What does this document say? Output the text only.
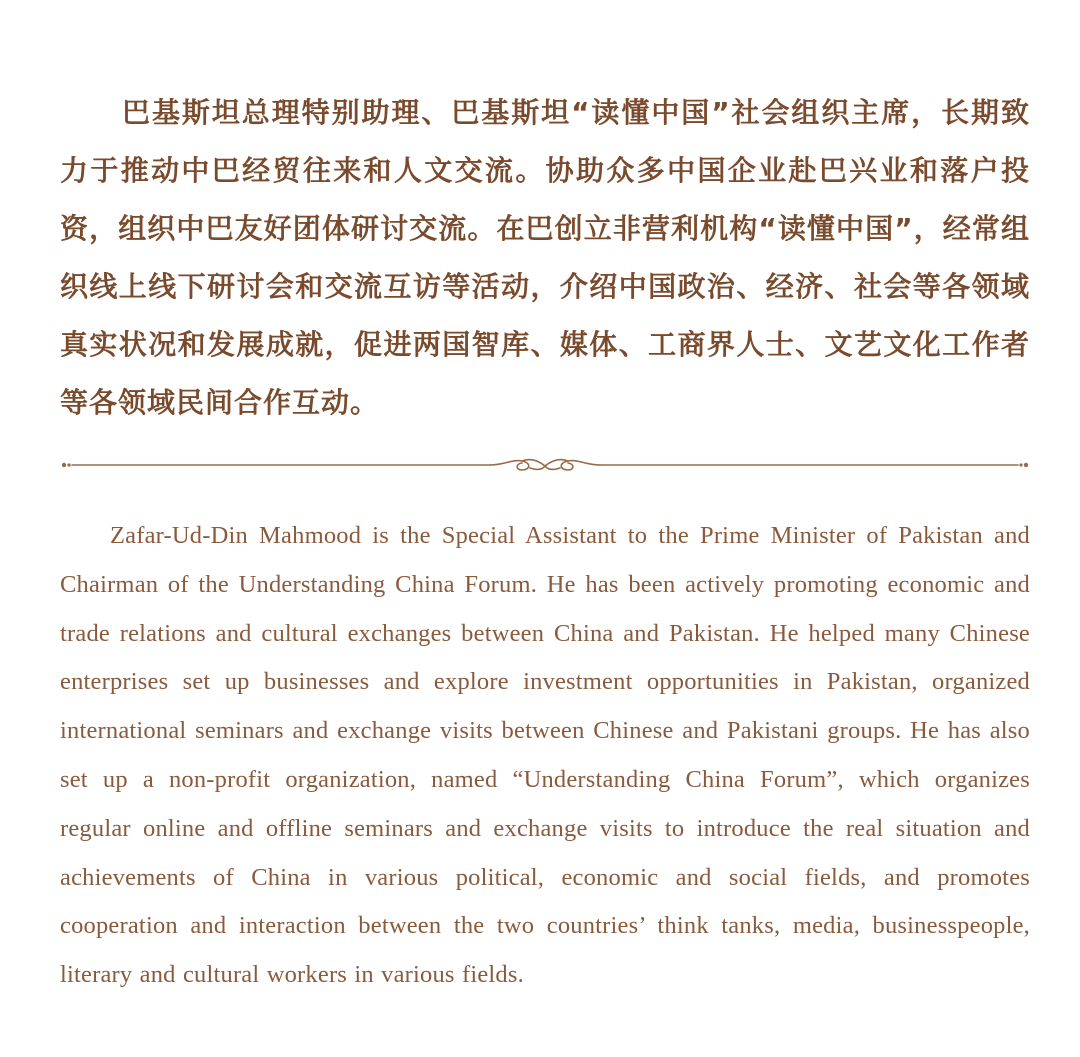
巴基斯坦总理特别助理、巴基斯坦“读懂中国”社会组织主席，长期致力于推动中巴经贸往来和人文交流。协助众多中国企业赴巴兴业和落户投资，组织中巴友好团体研讨交流。在巴创立非营利机构“读懂中国”，经常组织线上线下研讨会和交流互访等活动，介绍中国政治、经济、社会等各领域真实状况和发展成就，促进两国智库、媒体、工商界人士、文艺文化工作者等各领域民间合作互动。

Zafar-Ud-Din Mahmood is the Special Assistant to the Prime Minister of Pakistan and Chairman of the Understanding China Forum. He has been actively promoting economic and trade relations and cultural exchanges between China and Pakistan. He helped many Chinese enterprises set up businesses and explore investment opportunities in Pakistan, organized international seminars and exchange visits between Chinese and Pakistani groups. He has also set up a non-profit organization, named “Understanding China Forum”, which organizes regular online and offline seminars and exchange visits to introduce the real situation and achievements of China in various political, economic and social fields, and promotes cooperation and interaction between the two countries’ think tanks, media, businesspeople, literary and cultural workers in various fields.
